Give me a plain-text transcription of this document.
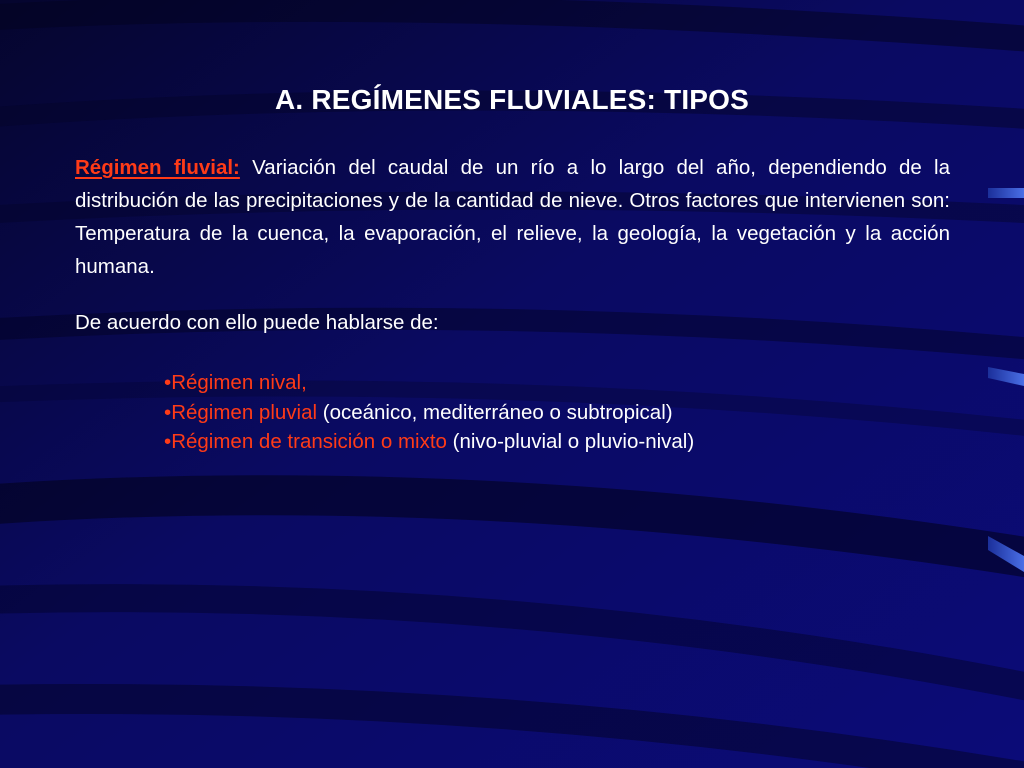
A. REGÍMENES FLUVIALES: TIPOS

Régimen fluvial: Variación del caudal de un río a lo largo del año, dependiendo de la distribución de las precipitaciones y de la cantidad de nieve. Otros factores que intervienen son: Temperatura de la cuenca, la evaporación, el relieve, la geología, la vegetación y la acción humana.

De acuerdo con ello puede hablarse de:

•Régimen nival,
•Régimen pluvial (oceánico, mediterráneo o subtropical)
•Régimen de transición o mixto (nivo-pluvial o pluvio-nival)
